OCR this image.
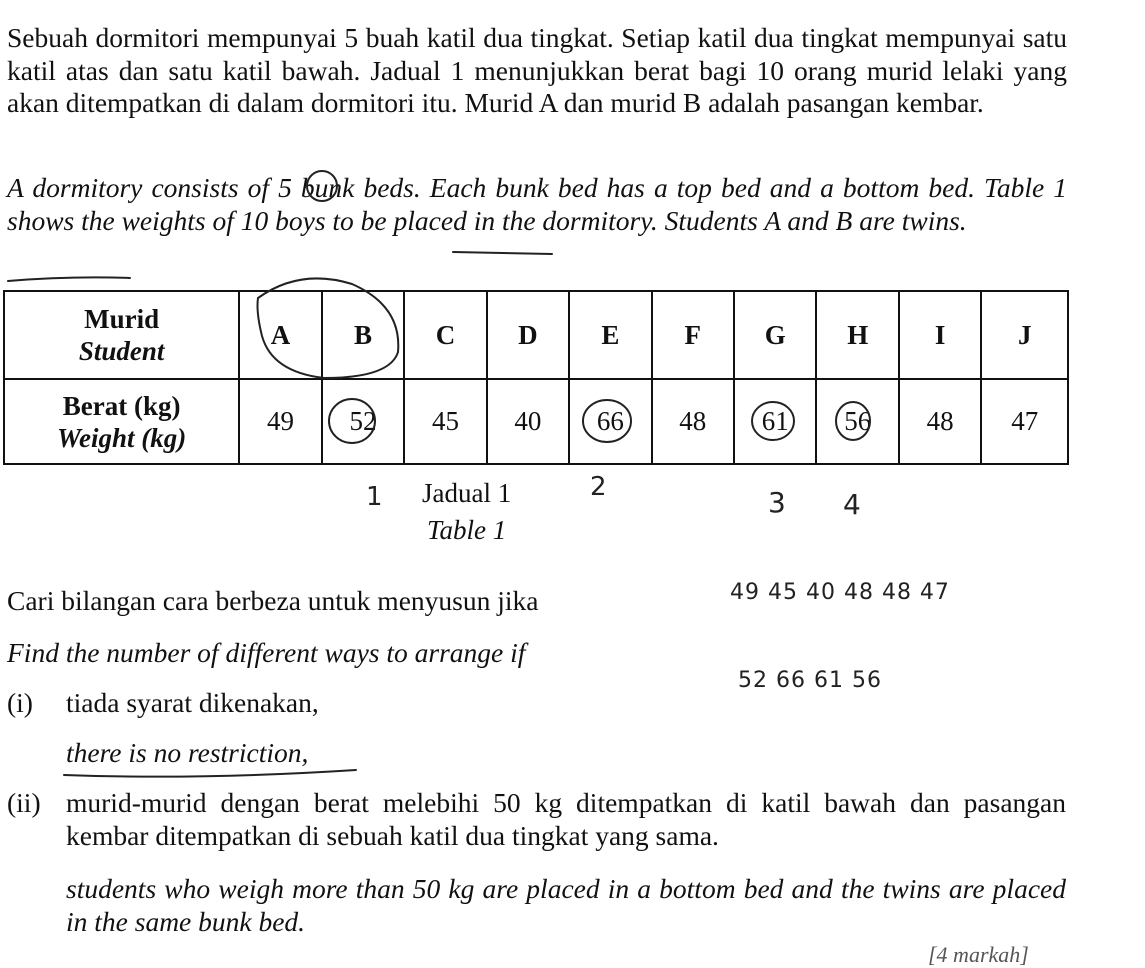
Sebuah dormitori mempunyai 5 buah katil dua tingkat. Setiap katil dua tingkat mempunyai satu katil atas dan satu katil bawah. Jadual 1 menunjukkan berat bagi 10 orang murid lelaki yang akan ditempatkan di dalam dormitori itu. Murid A dan murid B adalah pasangan kembar.

A dormitory consists of 5 bunk beds. Each bunk bed has a top bed and a bottom bed. Table 1 shows the weights of 10 boys to be placed in the dormitory. Students A and B are twins.

Murid
Student	A	B	C	D	E	F	G	H	I	J

Berat (kg)
Weight (kg)	49	52	45	40	66	48	61	56	48	47
Jadual 1
Table 1
Cari bilangan cara berbeza untuk menyusun jika
Find the number of different ways to arrange if
(i) tiada syarat dikenakan,
there is no restriction,
(ii) murid-murid dengan berat melebihi 50 kg ditempatkan di katil bawah dan pasangan kembar ditempatkan di sebuah katil dua tingkat yang sama.
students who weigh more than 50 kg are placed in a bottom bed and the twins are placed in the same bunk bed.
[4 markah]
1	2	3 4
49 45 40 48 48 47
52 66 61 56
